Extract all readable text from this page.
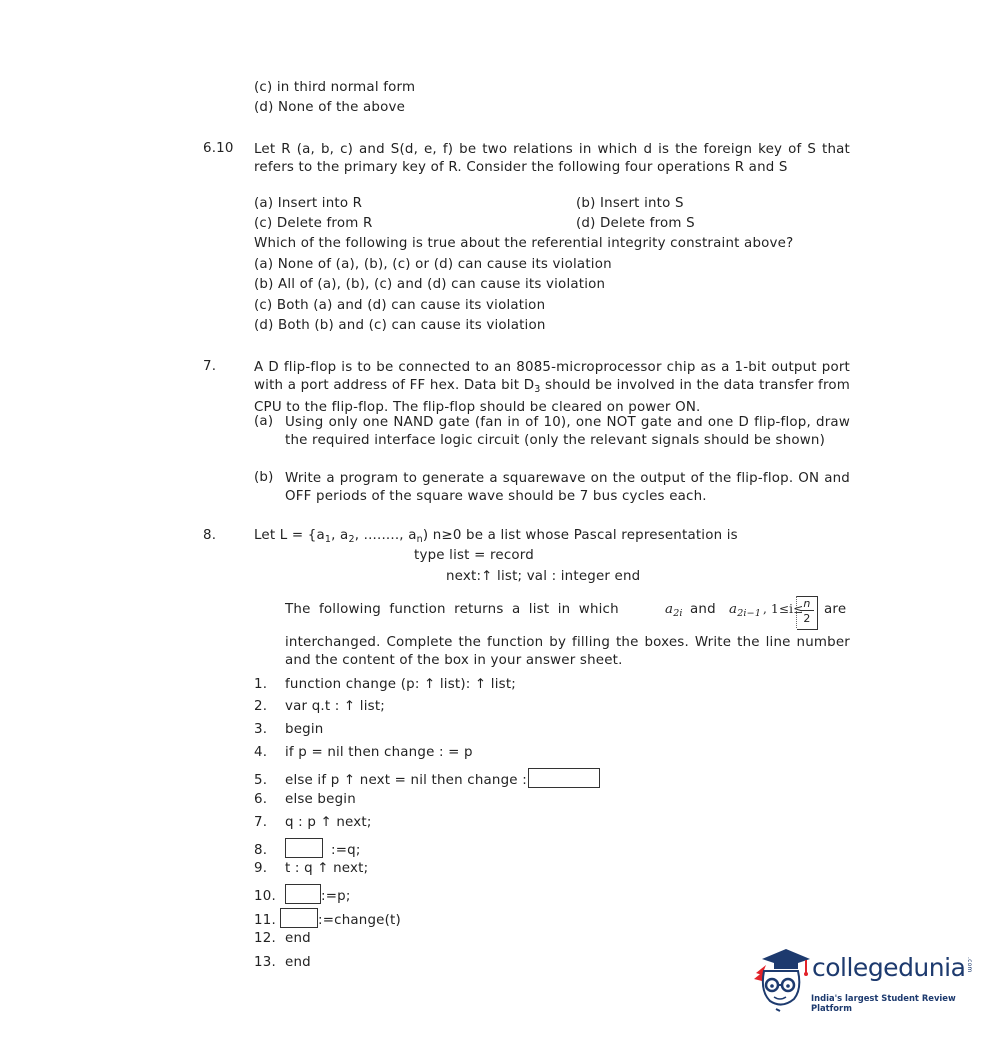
(c) in third normal form
(d) None of the above
6.10 Let R (a, b, c) and S(d, e, f) be two relations in which d is the foreign key of S that refers to the primary key of R. Consider the following four operations R and S
(a) Insert into R	(b) Insert into S
(c) Delete from R	(d) Delete from S
Which of the following is true about the referential integrity constraint above?
(a) None of (a), (b), (c) or (d) can cause its violation
(b) All of (a), (b), (c) and (d) can cause its violation
(c) Both (a) and (d) can cause its violation
(d) Both (b) and (c) can cause its violation
7.	A D flip-flop is to be connected to an 8085-microprocessor chip as a 1-bit output port with a port address of FF hex. Data bit $D_3$ should be involved in the data transfer from CPU to the flip-flop. The flip-flop should be cleared on power ON.
(a) Using only one NAND gate (fan in of 10), one NOT gate and one D flip-flop, draw the required interface logic circuit (only the relevant signals should be shown)
(b) Write a program to generate a squarewave on the output of the flip-flop. ON and OFF periods of the square wave should be 7 bus cycles each.
8.	Let $L = \{a_1$, $a_2$, ........, $a_n$) n≥0 be a list whose Pascal representation is
type list = record
next:↑ list; val : integer end
The following function returns a list in which	$a_{2i}$ and $a_{2i-1}$ , 1≤i≤ n
2
are
interchanged. Complete the function by filling the boxes. Write the line number and the content of the box in your answer sheet.
1. function change (p: ↑ list): ↑ list;
2. var q.t : ↑ list;
3. begin
4. if p = nil then change : = p
5. else if p ↑ next = nil then change :
6. else begin
7. q : p ↑ next;
8.	:=q;
9. t : q ↑ next;
10.	:=p;
11.	:=change(t)
12. end
13. end	collegedunia .com
India's largest Student Review Platform
